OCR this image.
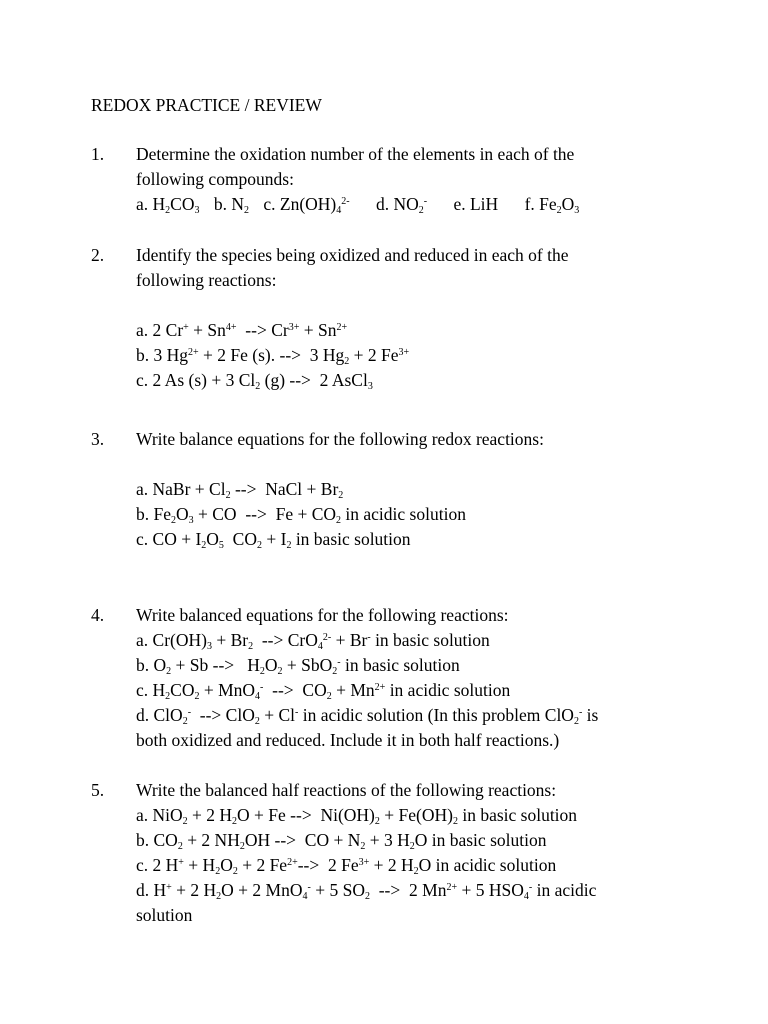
REDOX PRACTICE / REVIEW
1. Determine the oxidation number of the elements in each of the
following compounds:
a. H2CO3 b. N2 c. $Zn(OH)4^{2-}$ d. NO2- e. LiH f. Fe2O3
2. Identify the species being oxidized and reduced in each of the
following reactions:
a. 2 $Cr^+ + Sn^{4+}$  --> $Cr^{3+} + Sn^{2+}$
b. 3 $Hg^{2+} + 2$ Fe (s). -->  3 Hg2 + 2 $Fe^{3+}$
c. 2 As (s) + 3 Cl2 (g) -->  2 AsCl3
3. Write balance equations for the following redox reactions:
a. NaBr + Cl2 -->  NaCl + Br2
b. Fe2O3 + CO  -->  Fe + CO2 in acidic solution
c. CO + I2O5  CO2 + I2 in basic solution
4. Write balanced equations for the following reactions:
a. Cr(OH)3 + Br2  --> $CrO4^{2-} + Br^-$ in basic solution
b. O2 + Sb -->   H2O2 + SbO2- in basic solution
c. H2CO2 + MnO4-  -->  $CO2 + Mn^{2+}$ in acidic solution
d. ClO2-  --> ClO2 + Cl- in acidic solution (In this problem ClO2- is
both oxidized and reduced. Include it in both half reactions.)
5. Write the balanced half reactions of the following reactions:
a. NiO2 + 2 H2O + Fe -->  Ni(OH)2 + Fe(OH)2 in basic solution
b. CO2 + 2 NH2OH -->  CO + N2 + 3 H2O in basic solution
c. 2 H+ + H2O2 + 2 $Fe^{2+}--> 2$ $Fe^{3+} + 2$ H2O in acidic solution
d. H+ + 2 H2O + 2 MnO4- + 5 SO2  -->  2 $Mn^{2+} + 5$ HSO4- in acidic
solution
